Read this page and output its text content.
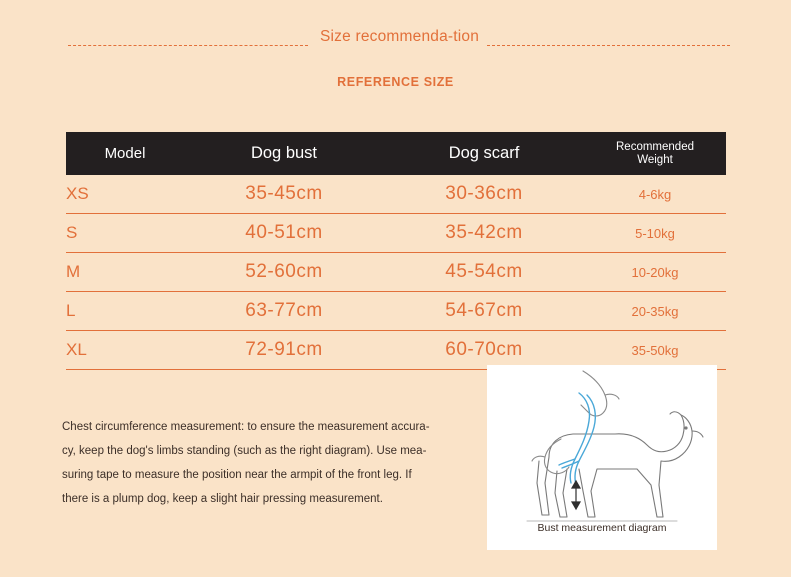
Size recommenda-tion
REFERENCE SIZE
Model	Dog bust	Dog scarf	Recommended
Weight

XS	35-45cm	30-36cm	4-6kg
S	40-51cm	35-42cm	5-10kg
M	52-60cm	45-54cm	10-20kg
L	63-77cm	54-67cm	20-35kg
XL	72-91cm	60-70cm	35-50kg
Chest circumference measurement: to ensure the measurement accura-
cy, keep the dog's limbs standing (such as the right diagram). Use mea-
suring tape to measure the position near the armpit of the front leg. If
there is a plump dog, keep a slight hair pressing measurement.
Bust measurement diagram
